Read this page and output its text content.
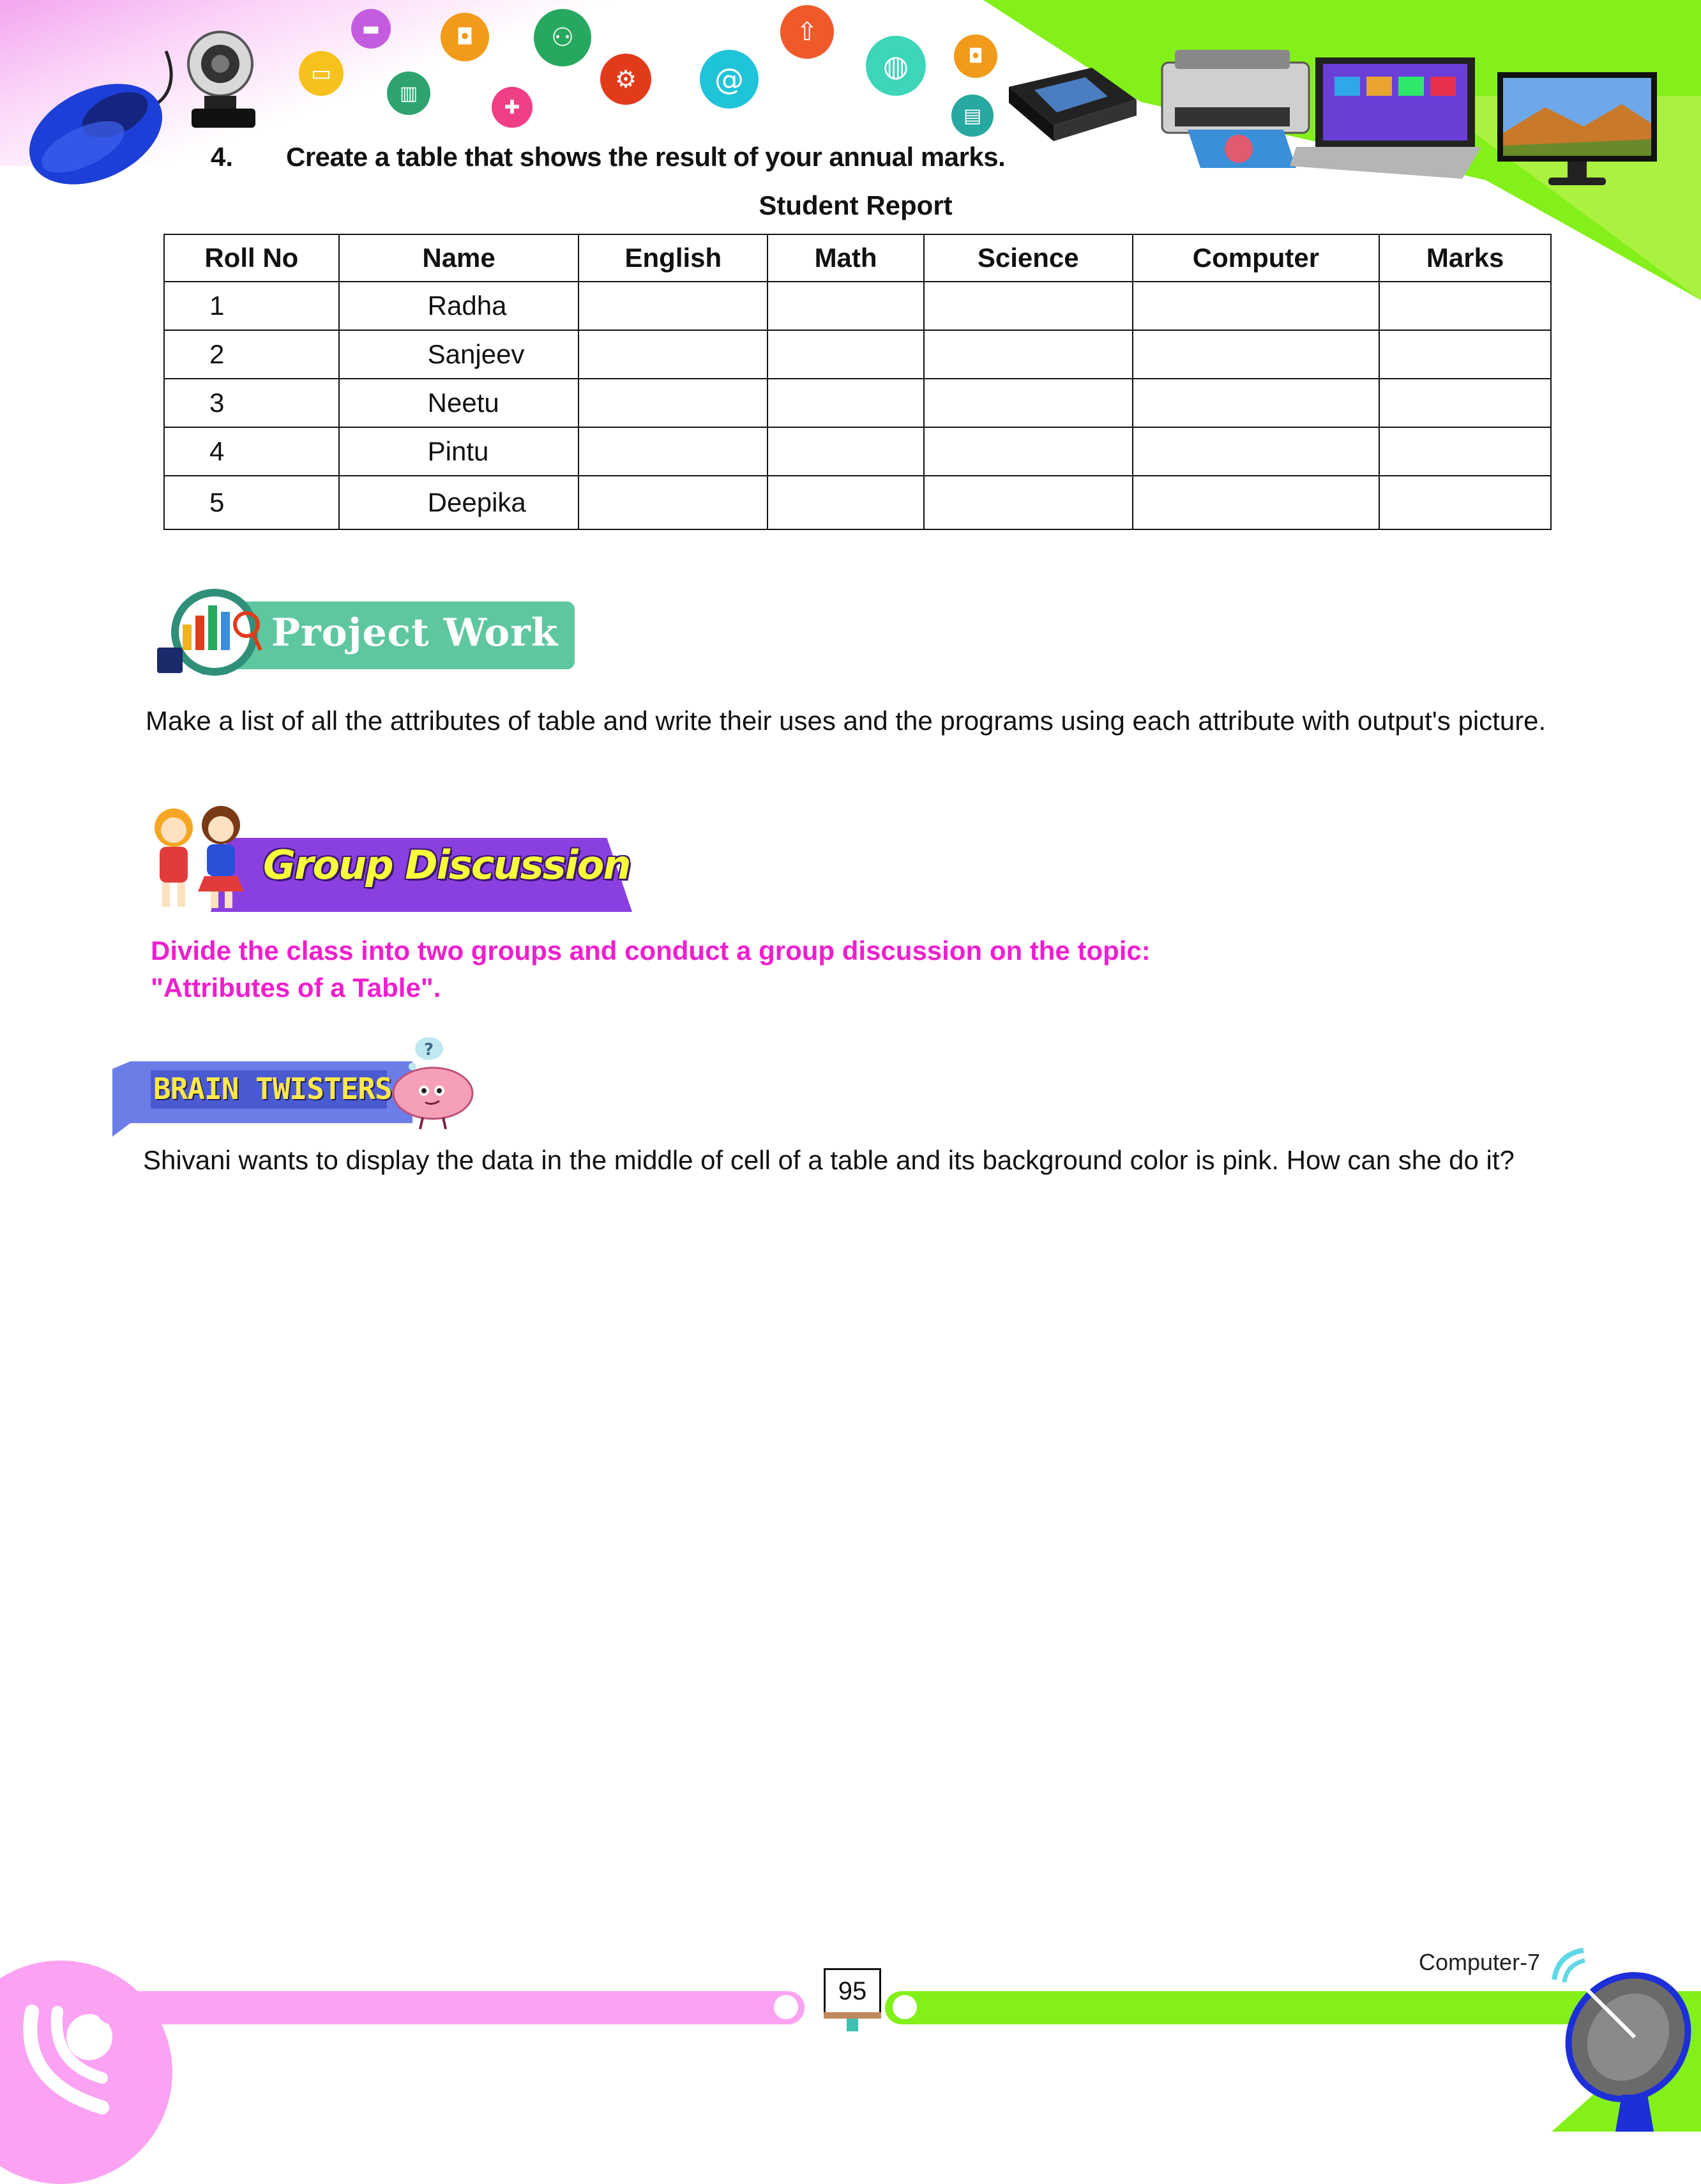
▭
▬
▥
◘
✚
⚇
⚙	@
⇧
◍	◘
▤
4. Create a table that shows the result of your annual marks.
Student Report
Roll No	Name	English	Math	Science	Computer	Marks
1	Radha					
2	Sanjeev					
3	Neetu					
4	Pintu					
5	Deepika					
Project Work
Make a list of all the attributes of table and write their uses and the programs using each attribute with output's picture.
Group Discussion
Divide the class into two groups and conduct a group discussion on the topic:
"Attributes of a Table".
BRAIN TWISTERS
?
Shivani wants to display the data in the middle of cell of a table and its background color is pink. How can she do it?
95
Computer-7
